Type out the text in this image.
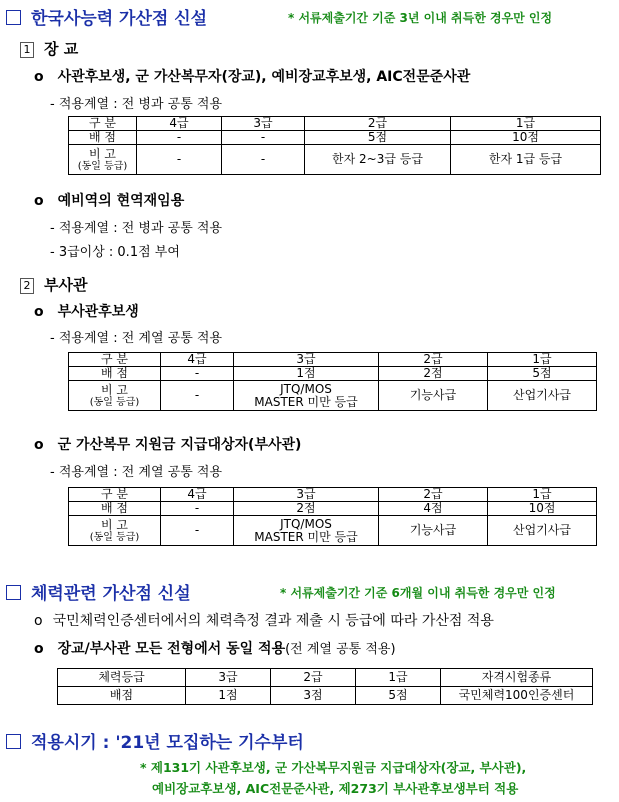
한국사능력 가산점 신설	* 서류제출기간 기준 3년 이내 취득한 경우만 인정
1 장 교
o 사관후보생, 군 가산복무자(장교), 예비장교후보생, AIC전문준사관
- 적용계열 : 전 병과 공통 적용
구 분	4급	3급	2급	1급
배 점	-	-	5점	10점
비 고
(동일 등급)	-	-	한자 2~3급 등급	한자 1급 등급
o 예비역의 현역재임용
- 적용계열 : 전 병과 공통 적용
- 3급이상 : 0.1점 부여
2 부사관
o 부사관후보생
- 적용계열 : 전 계열 공통 적용
구 분	4급	3급	2급	1급
배 점	-	1점	2점	5점
비 고
(동일 등급)	-	JTQ/MOS
MASTER 미만 등급	기능사급	산업기사급
o 군 가산복무 지원금 지급대상자(부사관)
- 적용계열 : 전 계열 공통 적용
구 분	4급	3급	2급	1급
배 점	-	2점	4점	10점
비 고
(동일 등급)	-	JTQ/MOS
MASTER 미만 등급	기능사급	산업기사급
체력관련 가산점 신설	* 서류제출기간 기준 6개월 이내 취득한 경우만 인정
o 국민체력인증센터에서의 체력측정 결과 제출 시 등급에 따라 가산점 적용
o 장교/부사관 모든 전형에서 동일 적용(전 계열 공통 적용)
체력등급	3급	2급	1급	자격시험종류
배점	1점	3점	5점	국민체력100인증센터
적용시기 : '21년 모집하는 기수부터
* 제131기 사관후보생, 군 가산복무지원금 지급대상자(장교, 부사관),
예비장교후보생, AIC전문준사관, 제273기 부사관후보생부터 적용
